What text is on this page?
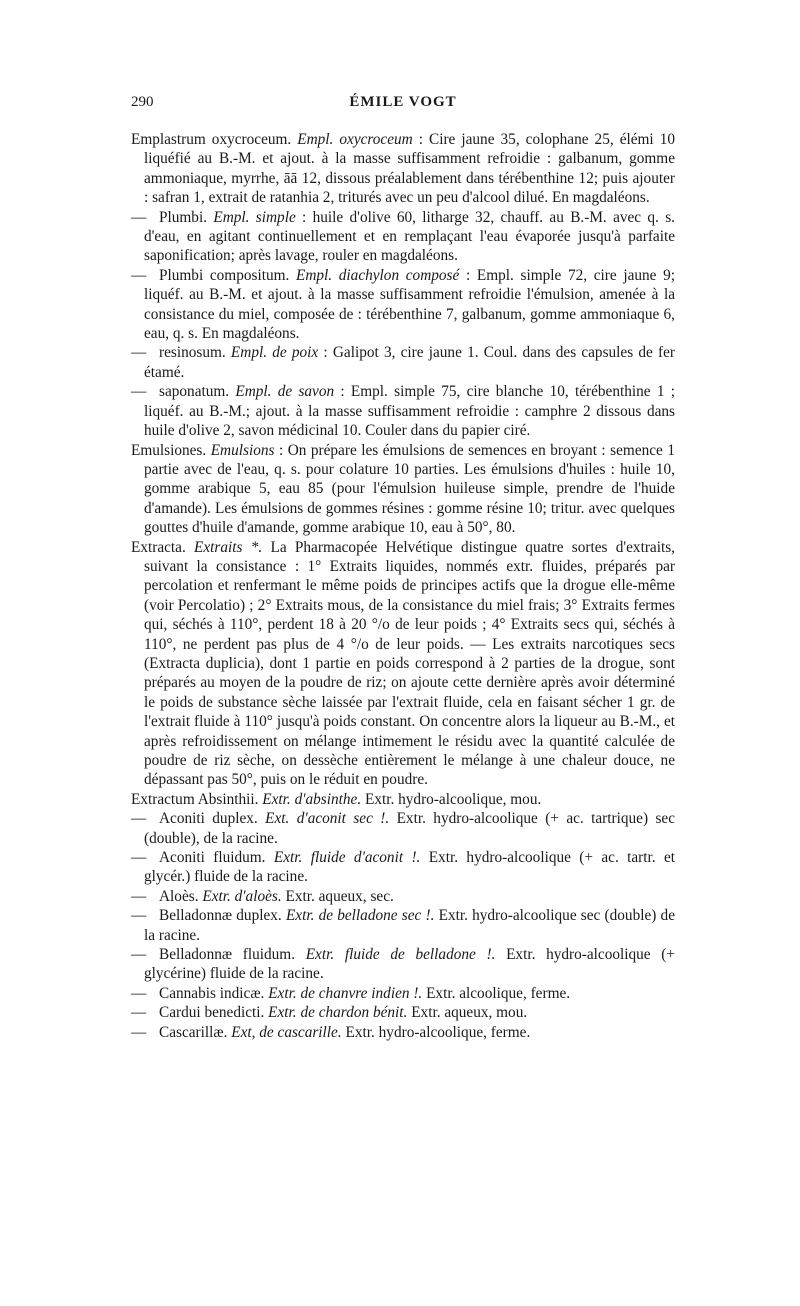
290	ÉMILE VOGT
Emplastrum oxycroceum. Empl. oxycroceum : Cire jaune 35, colophane 25, élémi 10 liquéfié au B.-M. et ajout. à la masse suffisamment refroidie : galbanum, gomme ammoniaque, myrrhe, āā 12, dissous préalablement dans térébenthine 12; puis ajouter : safran 1, extrait de ratanhia 2, triturés avec un peu d'alcool dilué. En magdaléons.
— Plumbi. Empl. simple : huile d'olive 60, litharge 32, chauff. au B.-M. avec q. s. d'eau, en agitant continuellement et en remplaçant l'eau évaporée jusqu'à parfaite saponification; après lavage, rouler en magdaléons.
— Plumbi compositum. Empl. diachylon composé : Empl. simple 72, cire jaune 9; liquéf. au B.-M. et ajout. à la masse suffisamment refroidie l'émulsion, amenée à la consistance du miel, composée de : térébenthine 7, galbanum, gomme ammoniaque 6, eau, q. s. En magdaléons.
— resinosum. Empl. de poix : Galipot 3, cire jaune 1. Coul. dans des capsules de fer étamé.
— saponatum. Empl. de savon : Empl. simple 75, cire blanche 10, térébenthine 1 ; liquéf. au B.-M.; ajout. à la masse suffisamment refroidie : camphre 2 dissous dans huile d'olive 2, savon médicinal 10. Couler dans du papier ciré.
Emulsiones. Emulsions : On prépare les émulsions de semences en broyant : semence 1 partie avec de l'eau, q. s. pour colature 10 parties. Les émulsions d'huiles : huile 10, gomme arabique 5, eau 85 (pour l'émulsion huileuse simple, prendre de l'huide d'amande). Les émulsions de gommes résines : gomme résine 10; tritur. avec quelques gouttes d'huile d'amande, gomme arabique 10, eau à 50°, 80.
Extracta. Extraits *. La Pharmacopée Helvétique distingue quatre sortes d'extraits, suivant la consistance : 1° Extraits liquides, nommés extr. fluides, préparés par percolation et renfermant le même poids de principes actifs que la drogue elle-même (voir Percolatio) ; 2° Extraits mous, de la consistance du miel frais; 3° Extraits fermes qui, séchés à 110°, perdent 18 à 20 °/o de leur poids ; 4° Extraits secs qui, séchés à 110°, ne perdent pas plus de 4 °/o de leur poids. — Les extraits narcotiques secs (Extracta duplicia), dont 1 partie en poids correspond à 2 parties de la drogue, sont préparés au moyen de la poudre de riz; on ajoute cette dernière après avoir déterminé le poids de substance sèche laissée par l'extrait fluide, cela en faisant sécher 1 gr. de l'extrait fluide à 110° jusqu'à poids constant. On concentre alors la liqueur au B.-M., et après refroidissement on mélange intimement le résidu avec la quantité calculée de poudre de riz sèche, on dessèche entièrement le mélange à une chaleur douce, ne dépassant pas 50°, puis on le réduit en poudre.
Extractum Absinthii. Extr. d'absinthe. Extr. hydro-alcoolique, mou.
— Aconiti duplex. Ext. d'aconit sec !. Extr. hydro-alcoolique (+ ac. tartrique) sec (double), de la racine.
— Aconiti fluidum. Extr. fluide d'aconit !. Extr. hydro-alcoolique (+ ac. tartr. et glycér.) fluide de la racine.
— Aloès. Extr. d'aloès. Extr. aqueux, sec.
— Belladonnæ duplex. Extr. de belladone sec !. Extr. hydro-alcoolique sec (double) de la racine.
— Belladonnæ fluidum. Extr. fluide de belladone !. Extr. hydro-alcoolique (+ glycérine) fluide de la racine.
— Cannabis indicæ. Extr. de chanvre indien !. Extr. alcoolique, ferme.
— Cardui benedicti. Extr. de chardon bénit. Extr. aqueux, mou.
— Cascarillæ. Ext, de cascarille. Extr. hydro-alcoolique, ferme.
